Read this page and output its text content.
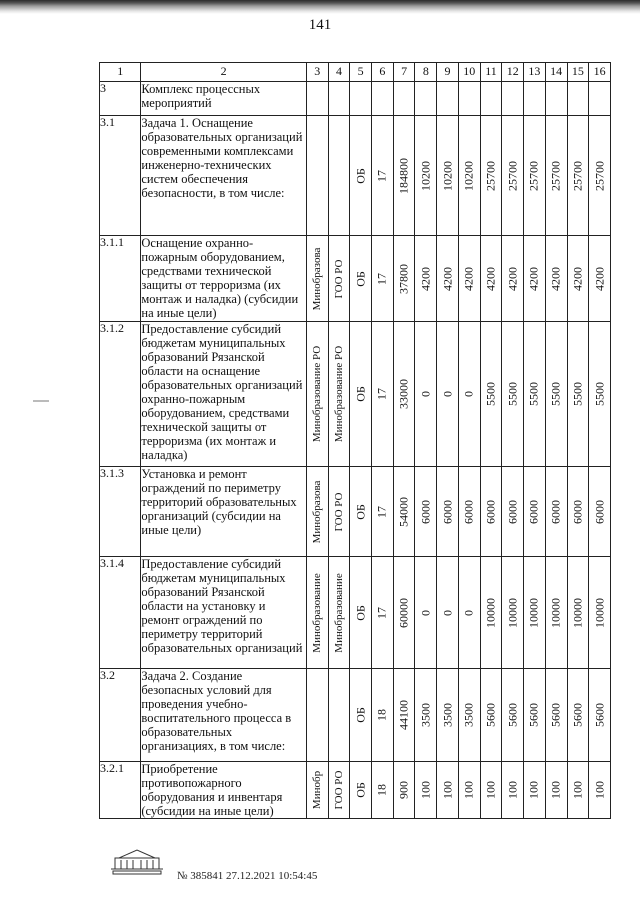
141
1	2	3	4	5	6	7	8	9	10	11	12	13	14	15	16
3	Комплекс процессных мероприятий	

3.1	Задача 1. Оснащение образовательных организаций современными комплексами инженерно-технических систем обеспечения безопасности, в том числе:			ОБ	17	184800	10200	10200	10200	25700	25700	25700	25700	25700	25700

3.1.1	Оснащение охранно-пожарным оборудованием, средствами технической защиты от терроризма (их монтаж и наладка) (субсидии на иные цели)	Минобразова	ГОО РО	ОБ	17	37800	4200	4200	4200	4200	4200	4200	4200	4200	4200

3.1.2	Предоставление субсидий бюджетам муниципальных образований Рязанской области на оснащение образовательных организаций охранно-пожарным оборудованием, средствами технической защиты от терроризма (их монтаж и наладка)	Минобразование РО	Минобразование РО	ОБ	17	33000	0	0	0	5500	5500	5500	5500	5500	5500

3.1.3	Установка и ремонт ограждений по периметру территорий образовательных организаций (субсидии на иные цели)	Минобразова	ГОО РО	ОБ	17	54000	6000	6000	6000	6000	6000	6000	6000	6000	6000

3.1.4	Предоставление субсидий бюджетам муниципальных образований Рязанской области на установку и ремонт ограждений по периметру территорий образовательных организаций	Минобразование	Минобразование	ОБ	17	60000	0	0	0	10000	10000	10000	10000	10000	10000

3.2	Задача 2. Создание безопасных условий для проведения учебно-воспитательного процесса в образовательных организациях, в том числе:			ОБ	18	44100	3500	3500	3500	5600	5600	5600	5600	5600	5600

3.2.1	Приобретение противопожарного оборудования и инвентаря (субсидии на иные цели)	Минобр	ГОО РО	ОБ	18	900	100	100	100	100	100	100	100	100	100
№ 385841 27.12.2021 10:54:45
